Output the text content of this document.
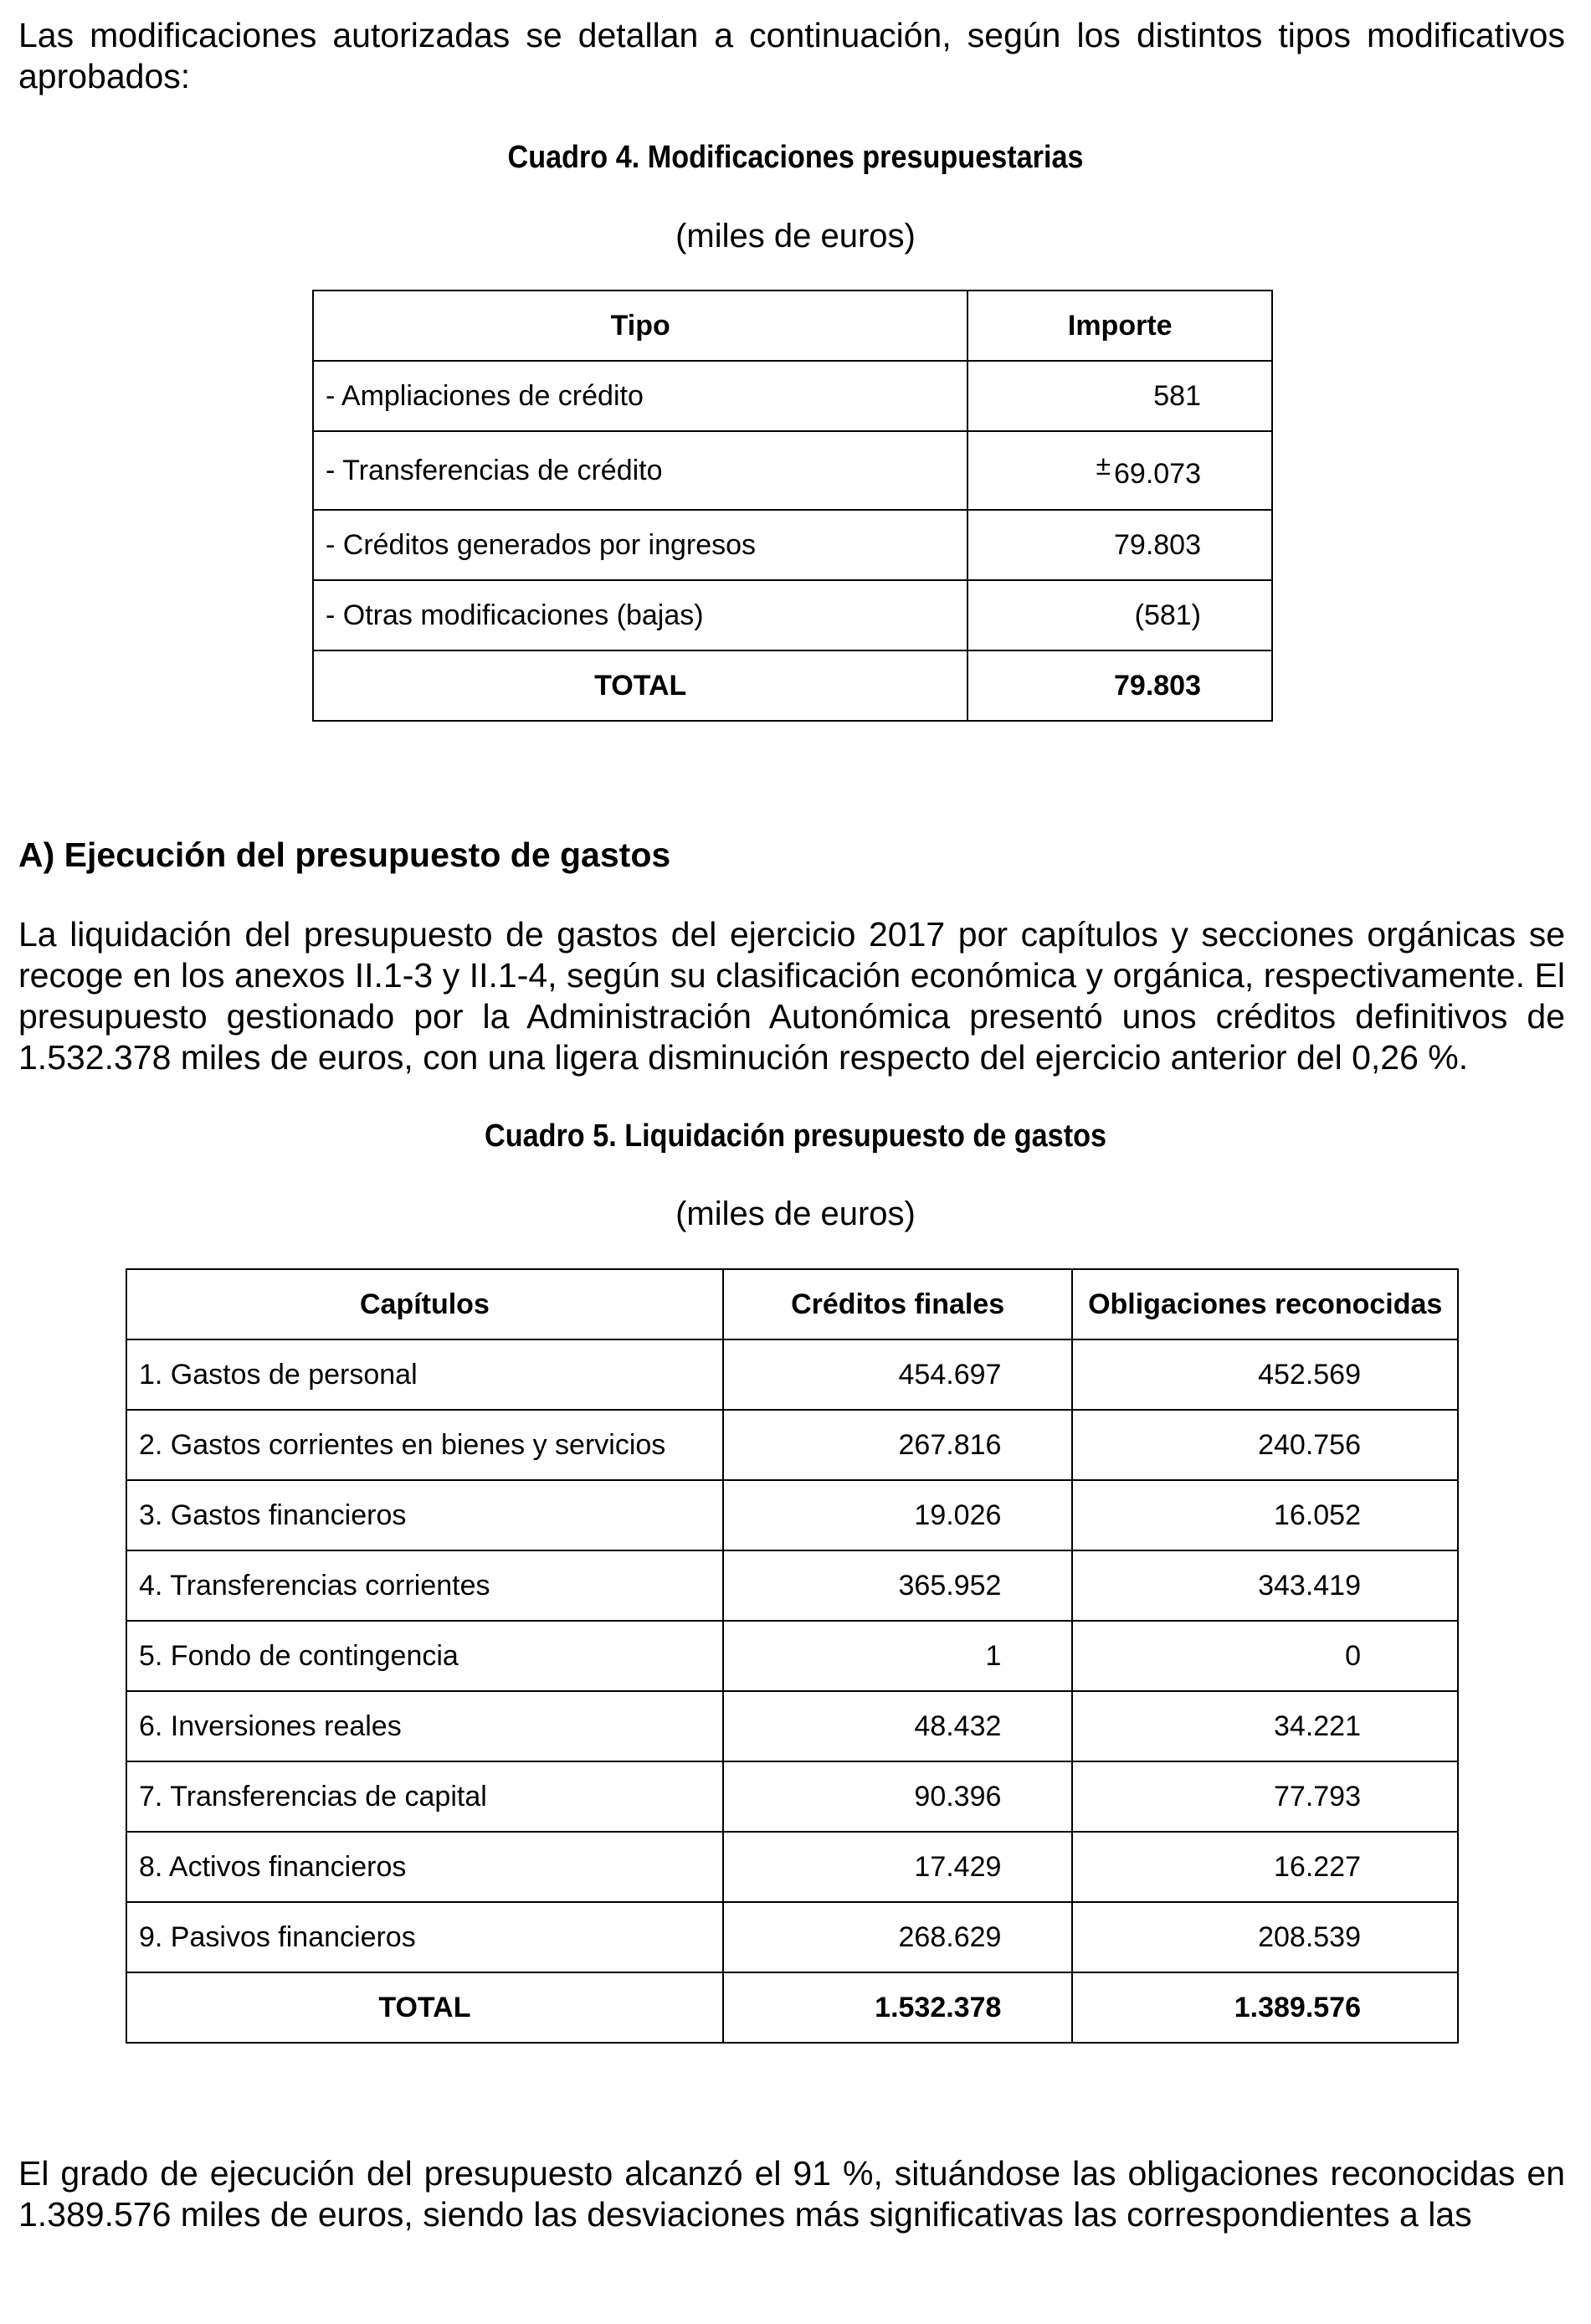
Las modificaciones autorizadas se detallan a continuación, según los distintos tipos modificativos aprobados:

Cuadro 4. Modificaciones presupuestarias
(miles de euros)
Tipo	Importe
- Ampliaciones de crédito	581
- Transferencias de crédito	± 69.073
- Créditos generados por ingresos	79.803
- Otras modificaciones (bajas)	(581)
TOTAL	79.803
A) Ejecución del presupuesto de gastos

La liquidación del presupuesto de gastos del ejercicio 2017 por capítulos y secciones orgánicas se recoge en los anexos II.1-3 y II.1-4, según su clasificación económica y orgánica, respectivamente. El presupuesto gestionado por la Administración Autonómica presentó unos créditos definitivos de 1.532.378 miles de euros, con una ligera disminución respecto del ejercicio anterior del 0,26 %.

Cuadro 5. Liquidación presupuesto de gastos
(miles de euros)
Capítulos	Créditos finales	Obligaciones reconocidas
1. Gastos de personal	454.697	452.569
2. Gastos corrientes en bienes y servicios	267.816	240.756
3. Gastos financieros	19.026	16.052
4. Transferencias corrientes	365.952	343.419
5. Fondo de contingencia	1	0
6. Inversiones reales	48.432	34.221
7. Transferencias de capital	90.396	77.793
8. Activos financieros	17.429	16.227
9. Pasivos financieros	268.629	208.539
TOTAL	1.532.378	1.389.576

El grado de ejecución del presupuesto alcanzó el 91 %, situándose las obligaciones reconocidas en 1.389.576 miles de euros, siendo las desviaciones más significativas las correspondientes a las
